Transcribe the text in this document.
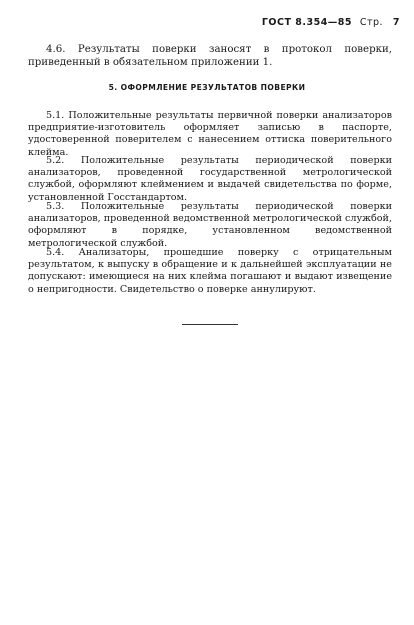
ГОСТ 8.354—85 Стр. 7

4.6. Результаты поверки заносят в протокол поверки, приведенный в обязательном приложении 1.

5. ОФОРМЛЕНИЕ РЕЗУЛЬТАТОВ ПОВЕРКИ

5.1. Положительные результаты первичной поверки анализаторов предприятие-изготовитель оформляет записью в паспорте, удостоверенной поверителем с нанесением оттиска поверительного клейма.

5.2. Положительные результаты периодической поверки анализаторов, проведенной государственной метрологической службой, оформляют клеймением и выдачей свидетельства по форме, установленной Госстандартом.

5.3. Положительные результаты периодической поверки анализаторов, проведенной ведомственной метрологической службой, оформляют в порядке, установленном ведомственной метрологической службой.

5.4. Анализаторы, прошедшие поверку с отрицательным результатом, к выпуску в обращение и к дальнейшей эксплуатации не допускают: имеющиеся на них клейма погашают и выдают извещение о непригодности. Свидетельство о поверке аннулируют.
